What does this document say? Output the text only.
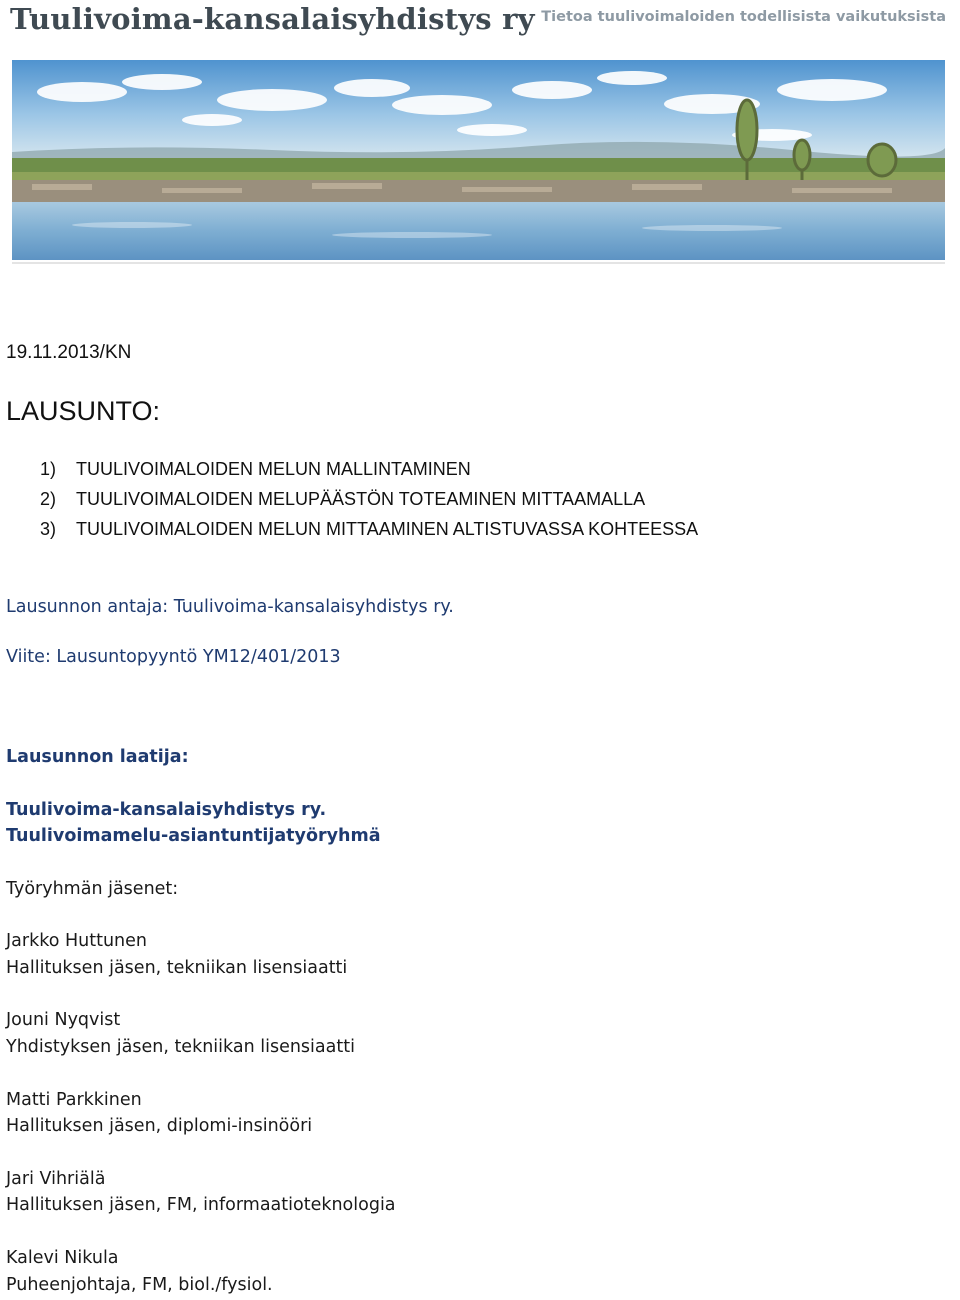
Tuulivoima-kansalaisyhdistys ry Tietoa tuulivoimaloiden todellisista vaikutuksista

19.11.2013/KN

LAUSUNTO:
1) TUULIVOIMALOIDEN MELUN MALLINTAMINEN
2) TUULIVOIMALOIDEN MELUPÄÄSTÖN TOTEAMINEN MITTAAMALLA
3) TUULIVOIMALOIDEN MELUN MITTAAMINEN ALTISTUVASSA KOHTEESSA

Lausunnon antaja: Tuulivoima-kansalaisyhdistys ry.

Viite: Lausuntopyyntö YM12/401/2013

Lausunnon laatija:

Tuulivoima-kansalaisyhdistys ry.

Tuulivoimamelu-asiantuntijatyöryhmä

Työryhmän jäsenet:

Jarkko Huttunen

Hallituksen jäsen, tekniikan lisensiaatti

Jouni Nyqvist

Yhdistyksen jäsen, tekniikan lisensiaatti

Matti Parkkinen

Hallituksen jäsen, diplomi-insinööri

Jari Vihriälä

Hallituksen jäsen, FM, informaatioteknologia

Kalevi Nikula

Puheenjohtaja, FM, biol./fysiol.
